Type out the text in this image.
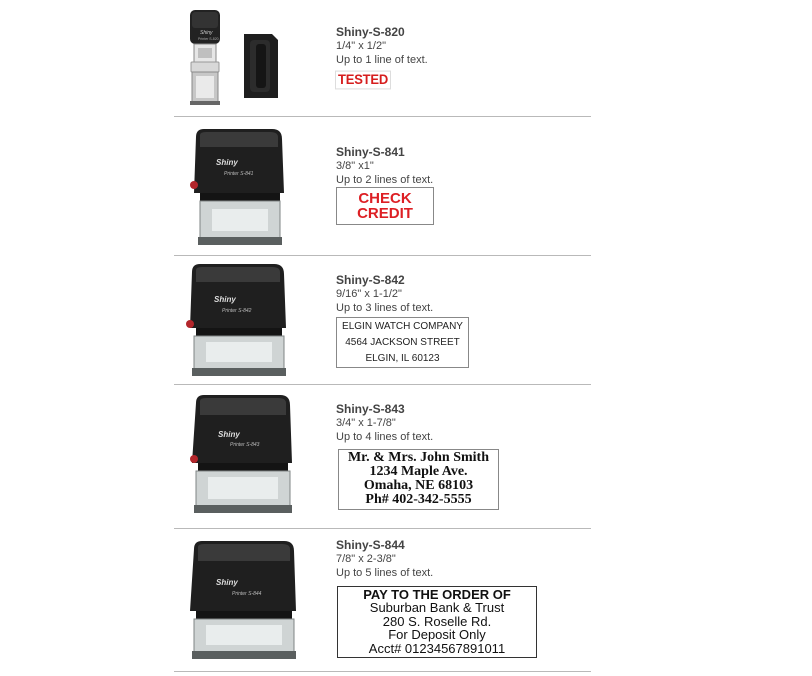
Shiny
Printer S-820	Shiny-S-820
1/4" x 1/2"
Up to 1 line of text.
TESTED
Shiny
Printer S-841
Shiny-S-841
3/8" x1"
Up to 2 lines of text.
CHECK
CREDIT
Shiny
Printer S-842
Shiny-S-842
9/16" x 1-1/2"
Up to 3 lines of text.
ELGIN WATCH COMPANY
4564 JACKSON STREET
ELGIN, IL 60123
Shiny
Printer S-843
Shiny-S-843
3/4" x 1-7/8"
Up to 4 lines of text.
Mr. & Mrs. John Smith
1234 Maple Ave.
Omaha, NE 68103
Ph# 402-342-5555
Shiny
Printer S-844
Shiny-S-844
7/8" x 2-3/8"
Up to 5 lines of text.
PAY TO THE ORDER OF
Suburban Bank & Trust
280 S. Roselle Rd.
For Deposit Only
Acct# 01234567891011
